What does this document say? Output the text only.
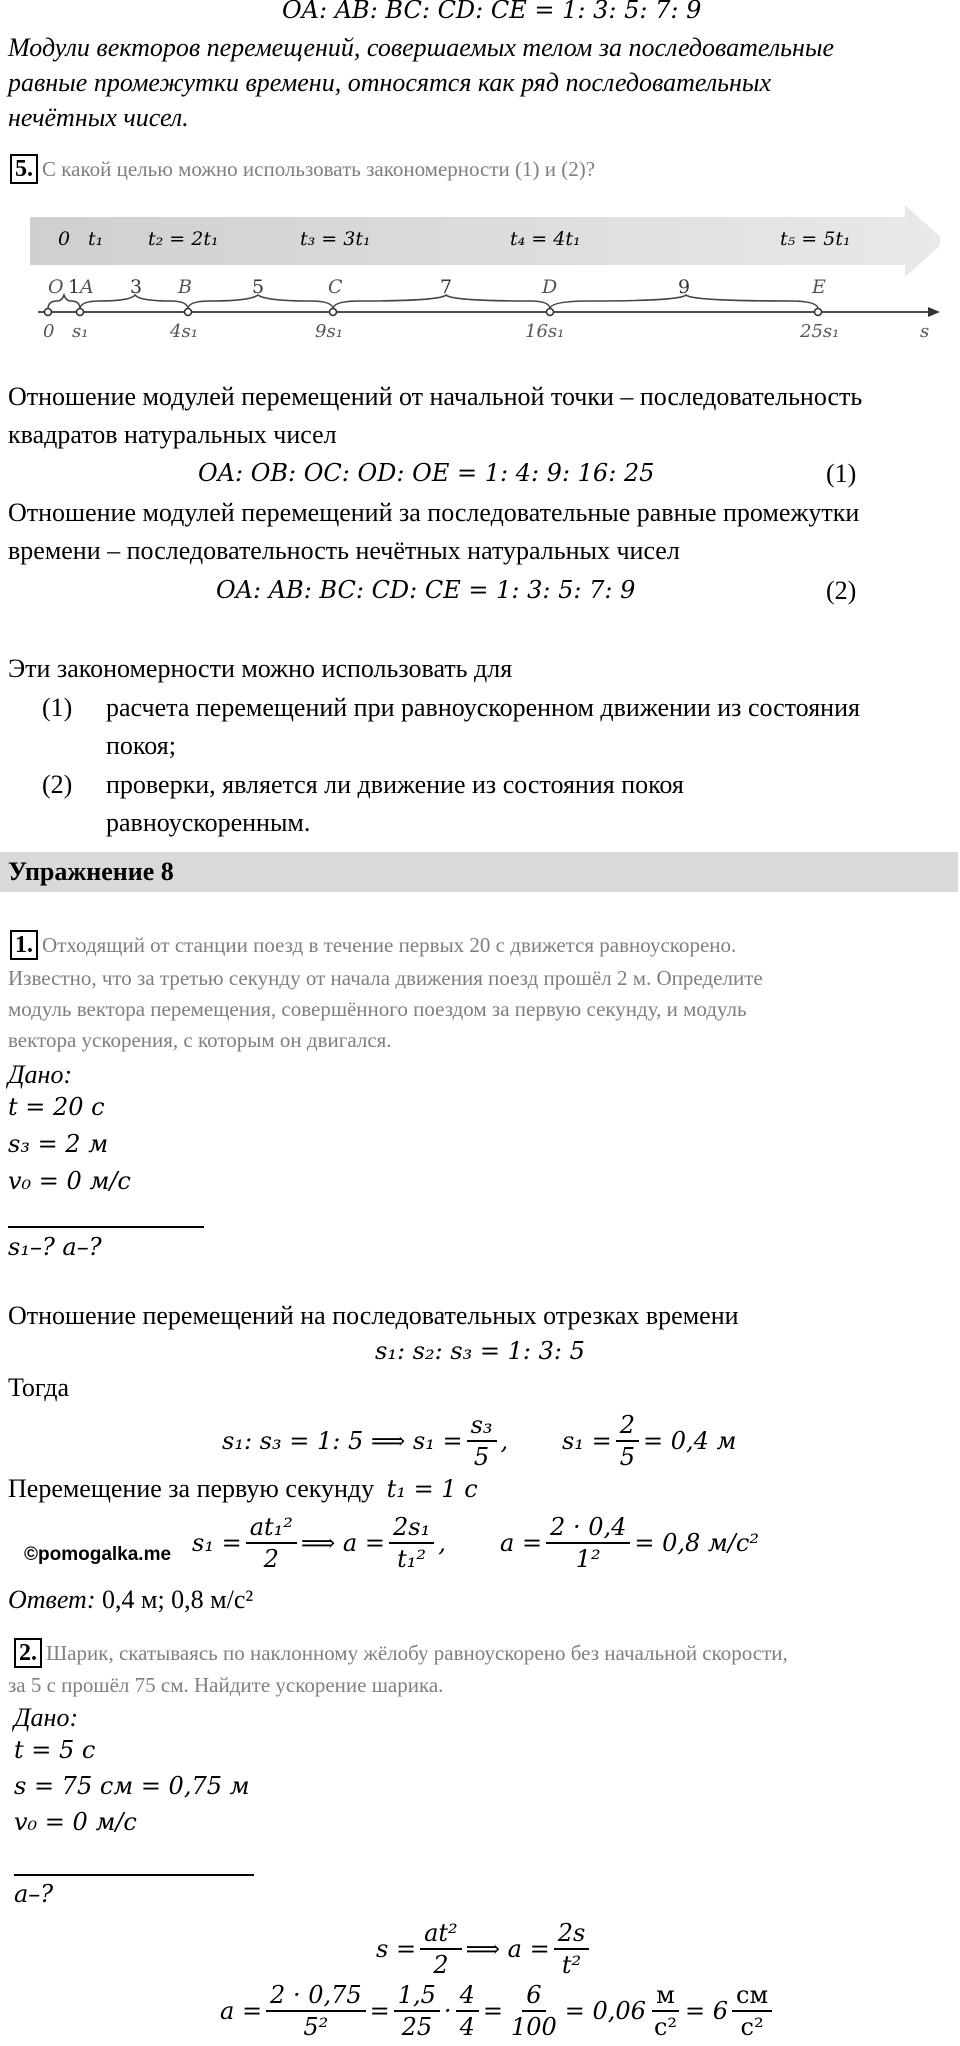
OA: AB: BC: CD: CE = 1: 3: 5: 7: 9
Модули векторов перемещений, совершаемых телом за последовательные
равные промежутки времени, относятся как ряд последовательных
нечётных чисел.
5. С какой целью можно использовать закономерности (1) и (2)?
0 t₁ t₂ = 2t₁	t₃ = 3t₁	t₄ = 4t₁	t₅ = 5t₁
O 1 A 3 B	5	C	7	D	9	E
0 s₁	4s₁	9s₁	16s₁	25s₁	s
Отношение модулей перемещений от начальной точки – последовательность
квадратов натуральных чисел
OA: OB: OC: OD: OE = 1: 4: 9: 16: 25	(1)
Отношение модулей перемещений за последовательные равные промежутки
времени – последовательность нечётных натуральных чисел
OA: AB: BC: CD: CE = 1: 3: 5: 7: 9	(2)
Эти закономерности можно использовать для
(1) расчета перемещений при равноускоренном движении из состояния
покоя;
(2) проверки, является ли движение из состояния покоя
равноускоренным.
Упражнение 8
1. Отходящий от станции поезд в течение первых 20 с движется равноускорено.
Известно, что за третью секунду от начала движения поезд прошёл 2 м. Определите
модуль вектора перемещения, совершённого поездом за первую секунду, и модуль
вектора ускорения, с которым он двигался.
Дано:
t = 20 с
s₃ = 2 м
v₀ = 0 м/с
s₁–? a–?
Отношение перемещений на последовательных отрезках времени
s₁: s₂: s₃ = 1: 3: 5
Тогда
s₁: s₃ = 1: 5 ⟹ $s_1 = \frac{\text{s₃}}{5}$ , $s_1 = \frac{2}{5} = 0,4$ м
Перемещение за первую секунду t₁ = 1 с
©pomogalka.me $s_1 = \frac{\text{at₁²}}{2}$ ⟹ $a = \frac{\text{2s₁}}{\text{t₁²}}$ , $a = \frac{2 \cdot 0,4}{\text{1²}} = 0,8$ м/с²
Ответ: 0,4 м; 0,8 м/с²
2. Шарик, скатываясь по наклонному жёлобу равноускорено без начальной скорости,
за 5 с прошёл 75 см. Найдите ускорение шарика.
Дано:
t = 5 с
s = 75 см = 0,75 м
v₀ = 0 м/с
a–?
$s = \frac{\text{at²}}{2}$ ⟹ $a = \frac{2s}{\text{t²}}$
$a = \frac{2 \cdot 0,75}{\text{5²}} = \frac{1,5}{25} \cdot \frac{4}{4} = \frac{6}{100} = 0,06 \frac{м}{\text{с²}} = 6 \frac{см}{\text{с²}}$
